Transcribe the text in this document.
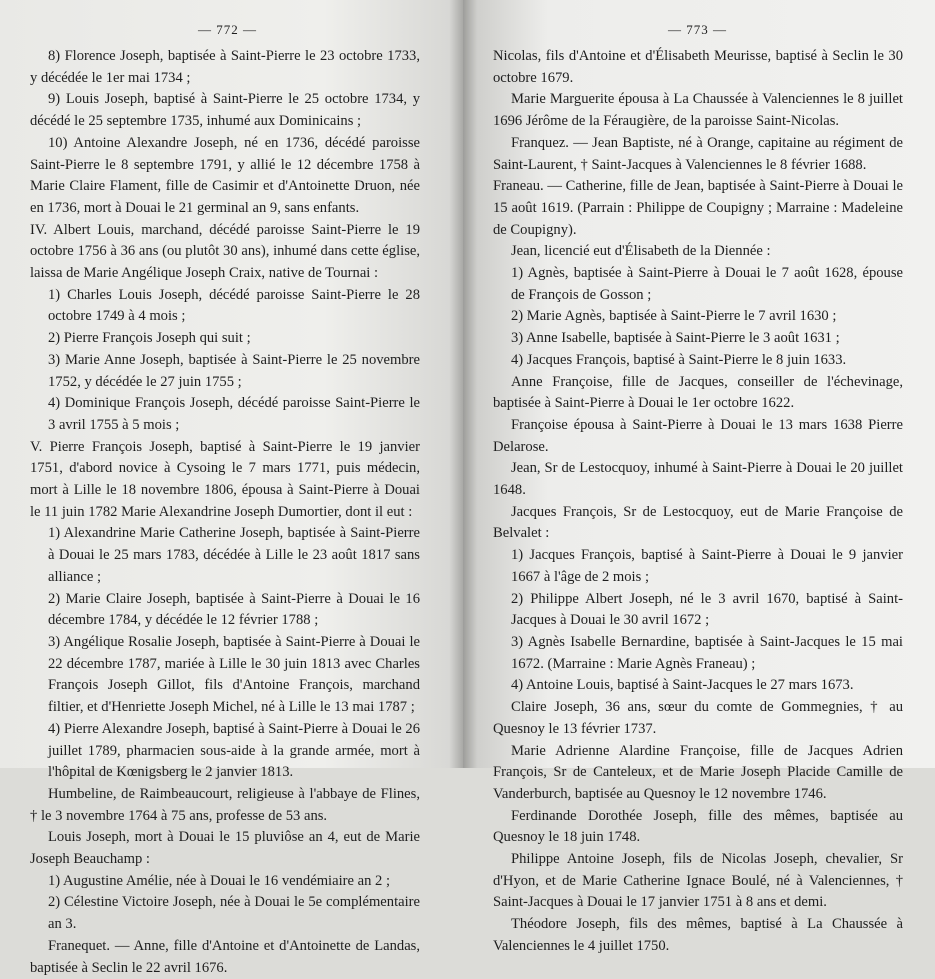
— 772 —

8) Florence Joseph, baptisée à Saint-Pierre le 23 octobre 1733, y décédée le 1er mai 1734 ;

9) Louis Joseph, baptisé à Saint-Pierre le 25 octobre 1734, y décédé le 25 septembre 1735, inhumé aux Dominicains ;

10) Antoine Alexandre Joseph, né en 1736, décédé paroisse Saint-Pierre le 8 septembre 1791, y allié le 12 décembre 1758 à Marie Claire Flament, fille de Casimir et d'Antoinette Druon, née en 1736, mort à Douai le 21 germinal an 9, sans enfants.

IV. Albert Louis, marchand, décédé paroisse Saint-Pierre le 19 octobre 1756 à 36 ans (ou plutôt 30 ans), inhumé dans cette église, laissa de Marie Angélique Joseph Craix, native de Tournai :

1) Charles Louis Joseph, décédé paroisse Saint-Pierre le 28 octobre 1749 à 4 mois ;

2) Pierre François Joseph qui suit ;

3) Marie Anne Joseph, baptisée à Saint-Pierre le 25 novembre 1752, y décédée le 27 juin 1755 ;

4) Dominique François Joseph, décédé paroisse Saint-Pierre le 3 avril 1755 à 5 mois ;

V. Pierre François Joseph, baptisé à Saint-Pierre le 19 janvier 1751, d'abord novice à Cysoing le 7 mars 1771, puis médecin, mort à Lille le 18 novembre 1806, épousa à Saint-Pierre à Douai le 11 juin 1782 Marie Alexandrine Joseph Dumortier, dont il eut :

1) Alexandrine Marie Catherine Joseph, baptisée à Saint-Pierre à Douai le 25 mars 1783, décédée à Lille le 23 août 1817 sans alliance ;

2) Marie Claire Joseph, baptisée à Saint-Pierre à Douai le 16 décembre 1784, y décédée le 12 février 1788 ;

3) Angélique Rosalie Joseph, baptisée à Saint-Pierre à Douai le 22 décembre 1787, mariée à Lille le 30 juin 1813 avec Charles François Joseph Gillot, fils d'Antoine François, marchand filtier, et d'Henriette Joseph Michel, né à Lille le 13 mai 1787 ;

4) Pierre Alexandre Joseph, baptisé à Saint-Pierre à Douai le 26 juillet 1789, pharmacien sous-aide à la grande armée, mort à l'hôpital de Kœnigsberg le 2 janvier 1813.

Humbeline, de Raimbeaucourt, religieuse à l'abbaye de Flines, † le 3 novembre 1764 à 75 ans, professe de 53 ans.

Louis Joseph, mort à Douai le 15 pluviôse an 4, eut de Marie Joseph Beauchamp :

1) Augustine Amélie, née à Douai le 16 vendémiaire an 2 ;

2) Célestine Victoire Joseph, née à Douai le 5e complémentaire an 3.

Franequet. — Anne, fille d'Antoine et d'Antoinette de Landas, baptisée à Seclin le 22 avril 1676.

— 773 —

Nicolas, fils d'Antoine et d'Élisabeth Meurisse, baptisé à Seclin le 30 octobre 1679.

Marie Marguerite épousa à La Chaussée à Valenciennes le 8 juillet 1696 Jérôme de la Féraugière, de la paroisse Saint-Nicolas.

Franquez. — Jean Baptiste, né à Orange, capitaine au régiment de Saint-Laurent, † Saint-Jacques à Valenciennes le 8 février 1688.

Franeau. — Catherine, fille de Jean, baptisée à Saint-Pierre à Douai le 15 août 1619. (Parrain : Philippe de Coupigny ; Marraine : Madeleine de Coupigny).

Jean, licencié eut d'Élisabeth de la Diennée :

1) Agnès, baptisée à Saint-Pierre à Douai le 7 août 1628, épouse de François de Gosson ;

2) Marie Agnès, baptisée à Saint-Pierre le 7 avril 1630 ;

3) Anne Isabelle, baptisée à Saint-Pierre le 3 août 1631 ;

4) Jacques François, baptisé à Saint-Pierre le 8 juin 1633.

Anne Françoise, fille de Jacques, conseiller de l'échevinage, baptisée à Saint-Pierre à Douai le 1er octobre 1622.

Françoise épousa à Saint-Pierre à Douai le 13 mars 1638 Pierre Delarose.

Jean, Sr de Lestocquoy, inhumé à Saint-Pierre à Douai le 20 juillet 1648.

Jacques François, Sr de Lestocquoy, eut de Marie Françoise de Belvalet :

1) Jacques François, baptisé à Saint-Pierre à Douai le 9 janvier 1667 à l'âge de 2 mois ;

2) Philippe Albert Joseph, né le 3 avril 1670, baptisé à Saint-Jacques à Douai le 30 avril 1672 ;

3) Agnès Isabelle Bernardine, baptisée à Saint-Jacques le 15 mai 1672. (Marraine : Marie Agnès Franeau) ;

4) Antoine Louis, baptisé à Saint-Jacques le 27 mars 1673.

Claire Joseph, 36 ans, sœur du comte de Gommegnies, † au Quesnoy le 13 février 1737.

Marie Adrienne Alardine Françoise, fille de Jacques Adrien François, Sr de Canteleux, et de Marie Joseph Placide Camille de Vanderburch, baptisée au Quesnoy le 12 novembre 1746.

Ferdinande Dorothée Joseph, fille des mêmes, baptisée au Quesnoy le 18 juin 1748.

Philippe Antoine Joseph, fils de Nicolas Joseph, chevalier, Sr d'Hyon, et de Marie Catherine Ignace Boulé, né à Valenciennes, † Saint-Jacques à Douai le 17 janvier 1751 à 8 ans et demi.

Théodore Joseph, fils des mêmes, baptisé à La Chaussée à Valenciennes le 4 juillet 1750.
